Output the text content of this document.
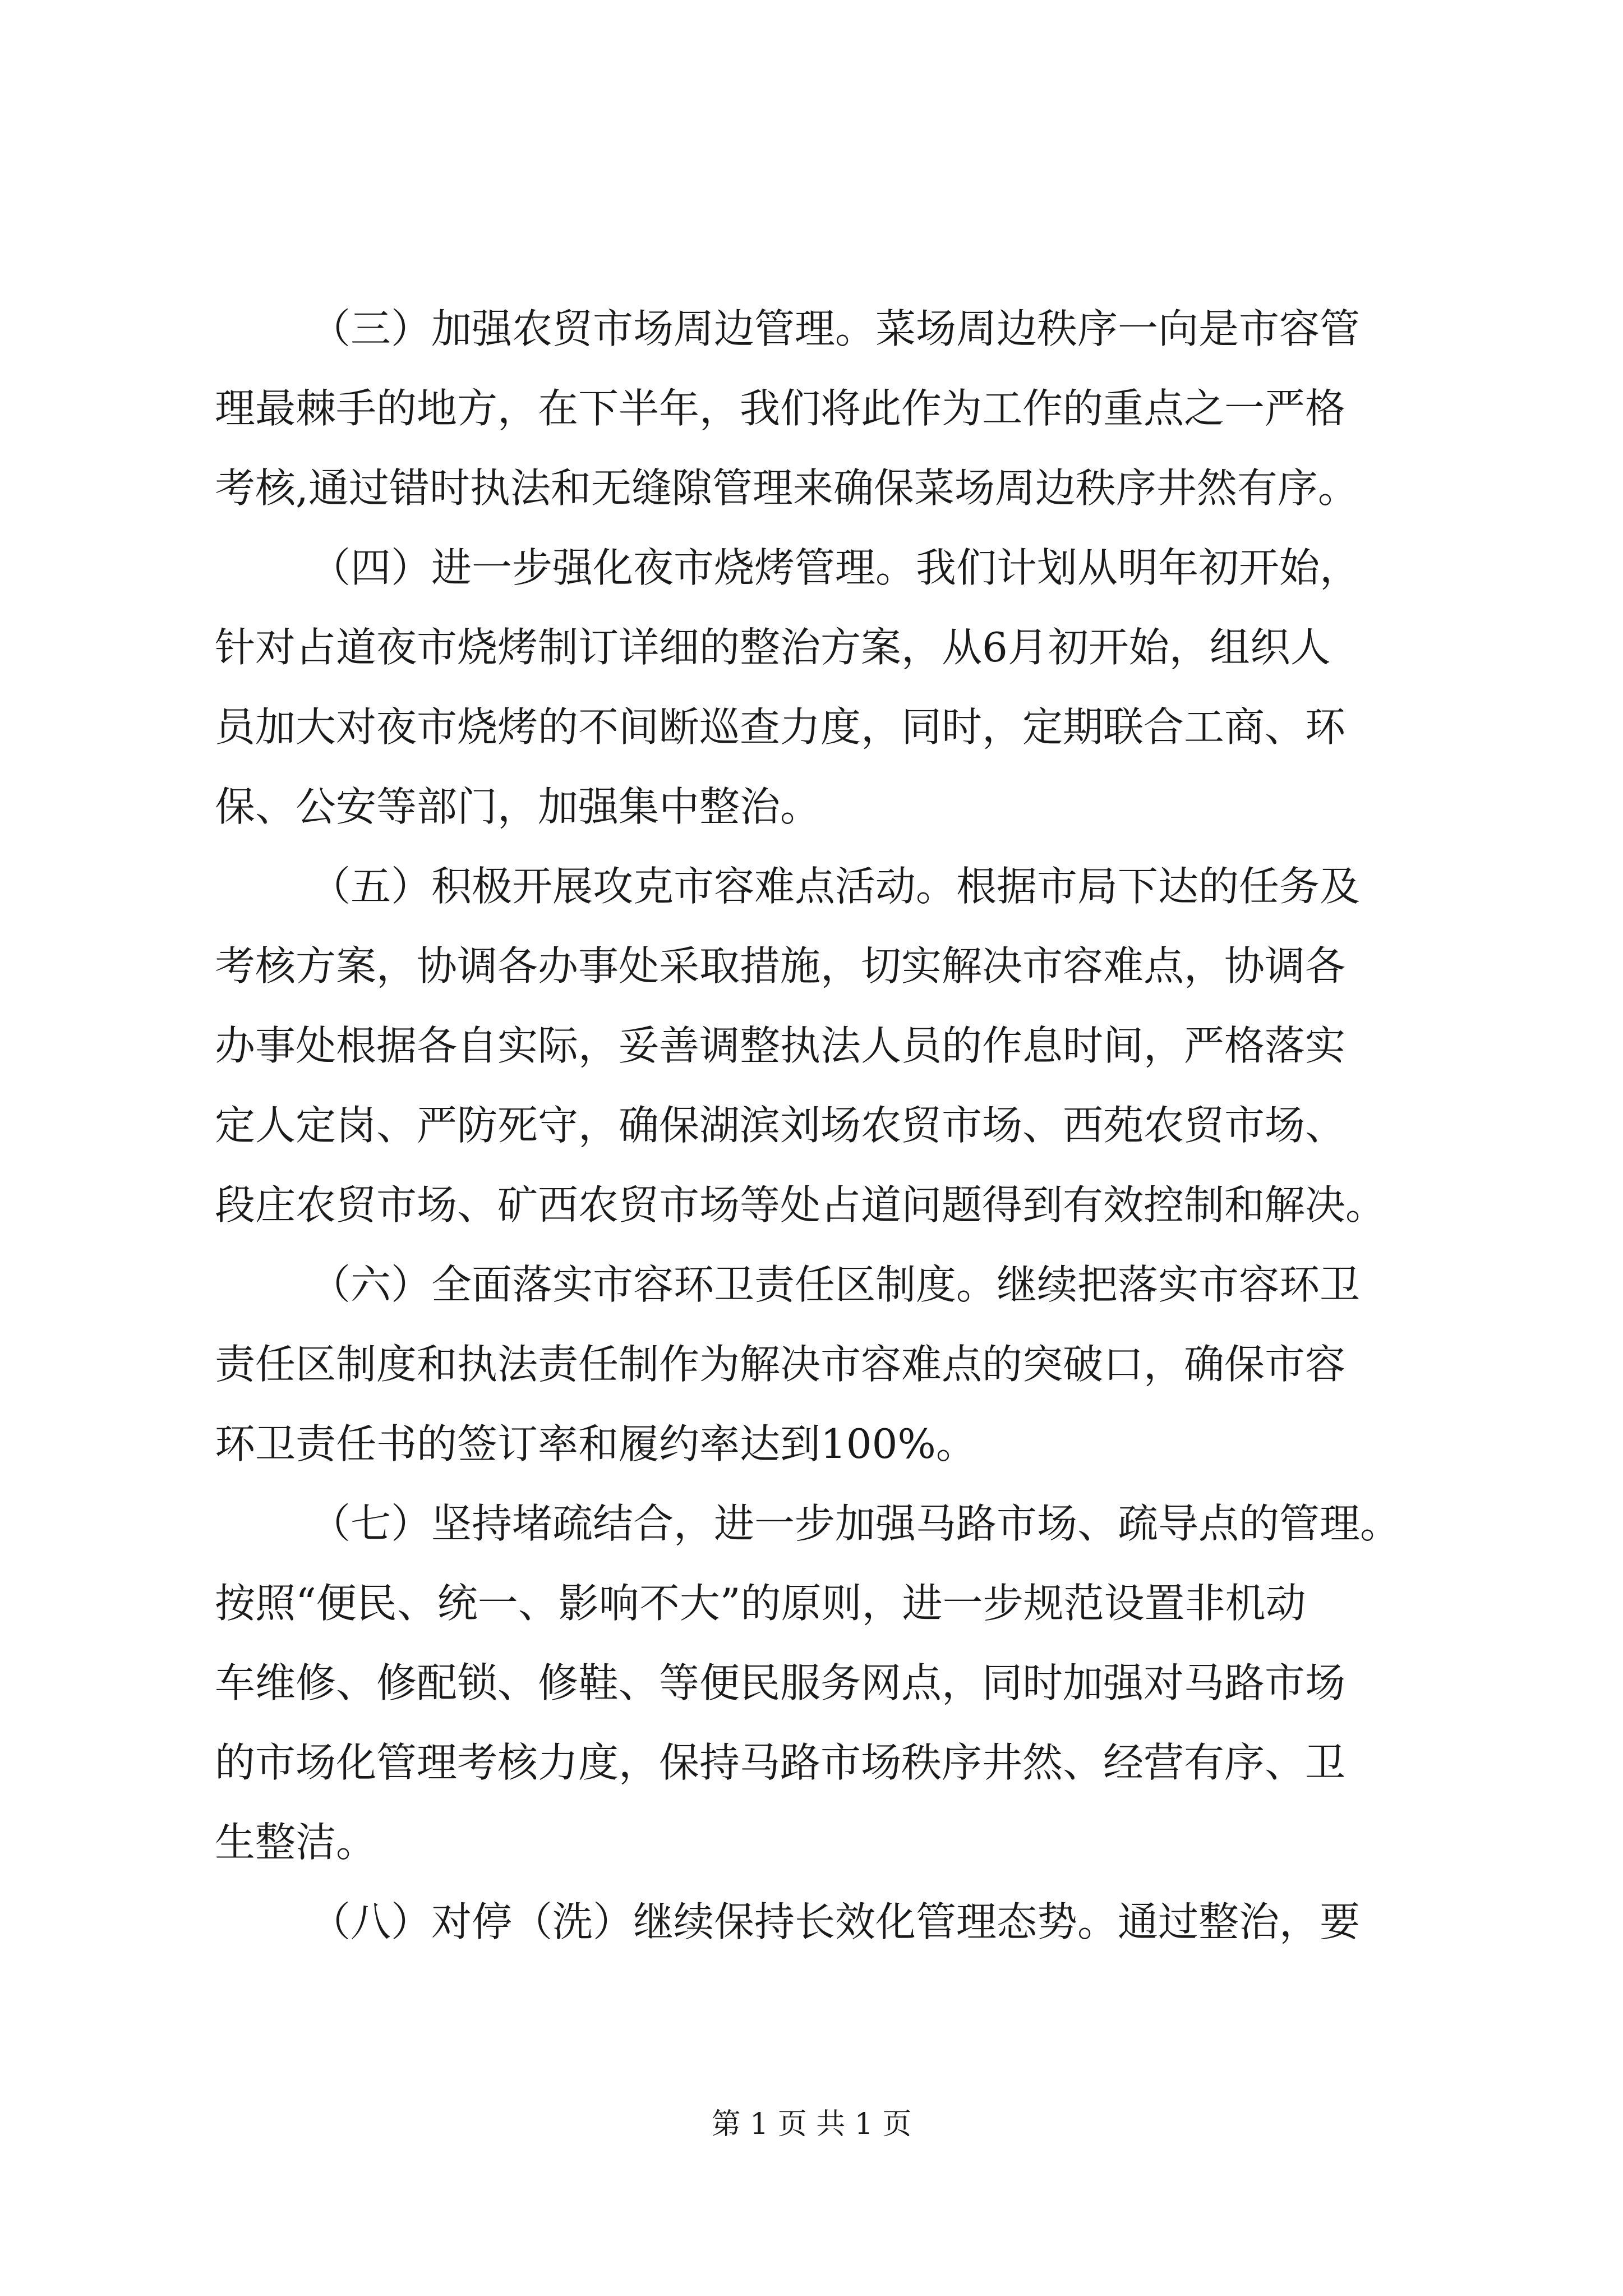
（三）加强农贸市场周边管理。菜场周边秩序一向是市容管
理最棘手的地方，在下半年，我们将此作为工作的重点之一严格
考核,通过错时执法和无缝隙管理来确保菜场周边秩序井然有序。
（四）进一步强化夜市烧烤管理。我们计划从明年初开始，
针对占道夜市烧烤制订详细的整治方案，从6月初开始，组织人
员加大对夜市烧烤的不间断巡查力度，同时，定期联合工商、环
保、公安等部门，加强集中整治。
（五）积极开展攻克市容难点活动。根据市局下达的任务及
考核方案，协调各办事处采取措施，切实解决市容难点，协调各
办事处根据各自实际，妥善调整执法人员的作息时间，严格落实
定人定岗、严防死守，确保湖滨刘场农贸市场、西苑农贸市场、
段庄农贸市场、矿西农贸市场等处占道问题得到有效控制和解决。
（六）全面落实市容环卫责任区制度。继续把落实市容环卫
责任区制度和执法责任制作为解决市容难点的突破口，确保市容
环卫责任书的签订率和履约率达到100%。
（七）坚持堵疏结合，进一步加强马路市场、疏导点的管理。
按照“便民、统一、影响不大”的原则，进一步规范设置非机动
车维修、修配锁、修鞋、等便民服务网点，同时加强对马路市场
的市场化管理考核力度，保持马路市场秩序井然、经营有序、卫
生整洁。
（八）对停（洗）继续保持长效化管理态势。通过整治，要
第 1 页 共 1 页
